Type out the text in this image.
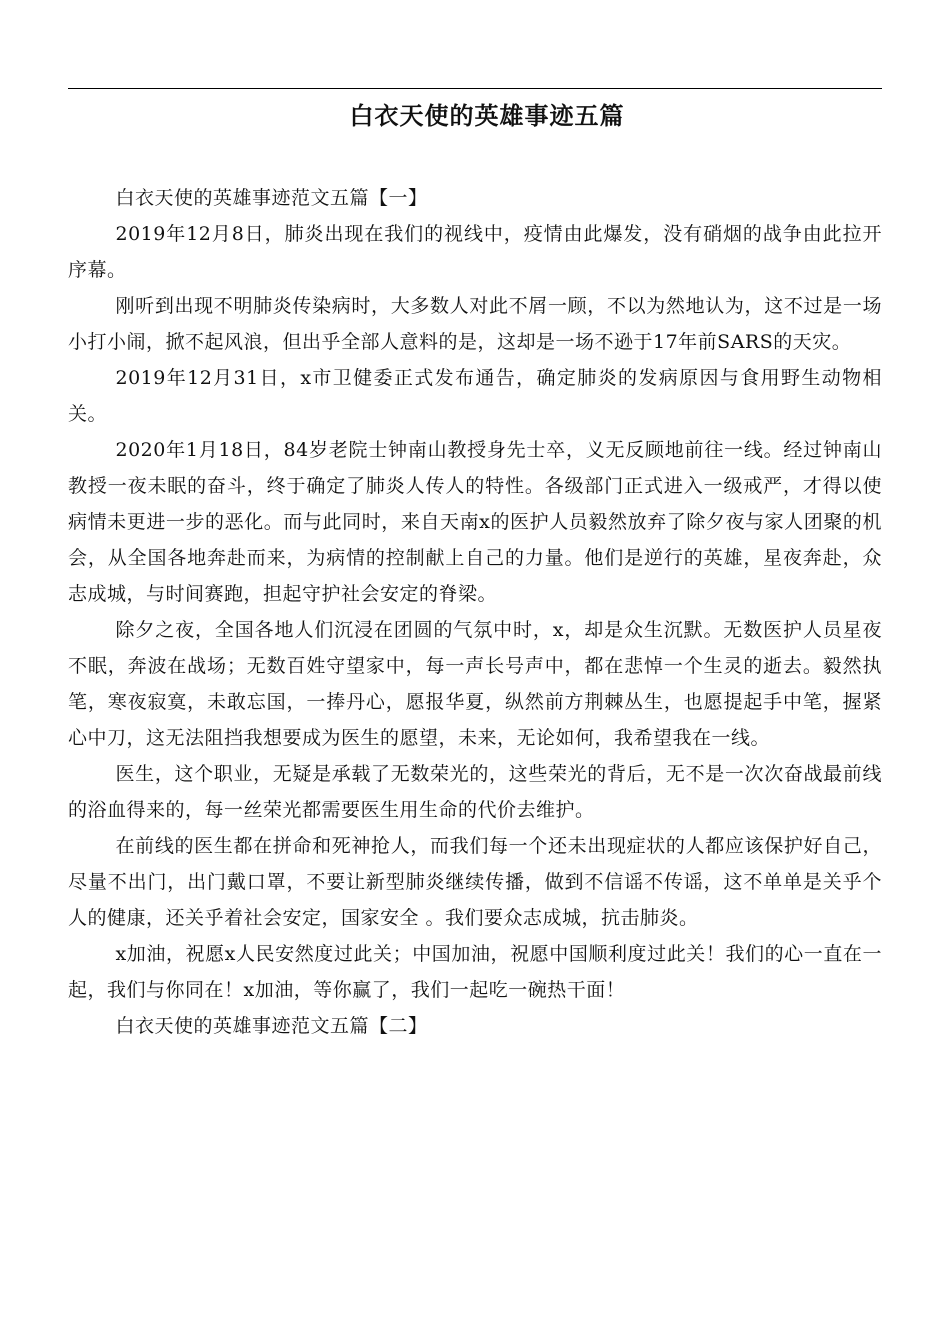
白衣天使的英雄事迹五篇

白衣天使的英雄事迹范文五篇【一】

2019年12月8日，肺炎出现在我们的视线中，疫情由此爆发，没有硝烟的战争由此拉开序幕。

刚听到出现不明肺炎传染病时，大多数人对此不屑一顾，不以为然地认为，这不过是一场小打小闹，掀不起风浪，但出乎全部人意料的是，这却是一场不逊于17年前SARS的天灾。

2019年12月31日，x市卫健委正式发布通告，确定肺炎的发病原因与食用野生动物相关。

2020年1月18日，84岁老院士钟南山教授身先士卒，义无反顾地前往一线。经过钟南山教授一夜未眠的奋斗，终于确定了肺炎人传人的特性。各级部门正式进入一级戒严，才得以使病情未更进一步的恶化。而与此同时，来自天南x的医护人员毅然放弃了除夕夜与家人团聚的机会，从全国各地奔赴而来，为病情的控制献上自己的力量。他们是逆行的英雄，星夜奔赴，众志成城，与时间赛跑，担起守护社会安定的脊梁。

除夕之夜，全国各地人们沉浸在团圆的气氛中时，x，却是众生沉默。无数医护人员星夜不眠，奔波在战场；无数百姓守望家中，每一声长号声中，都在悲悼一个生灵的逝去。毅然执笔，寒夜寂寞，未敢忘国，一捧丹心，愿报华夏，纵然前方荆棘丛生，也愿提起手中笔，握紧心中刀，这无法阻挡我想要成为医生的愿望，未来，无论如何，我希望我在一线。

医生，这个职业，无疑是承载了无数荣光的，这些荣光的背后，无不是一次次奋战最前线的浴血得来的，每一丝荣光都需要医生用生命的代价去维护。

在前线的医生都在拼命和死神抢人，而我们每一个还未出现症状的人都应该保护好自己，尽量不出门，出门戴口罩，不要让新型肺炎继续传播，做到不信谣不传谣，这不单单是关乎个人的健康，还关乎着社会安定，国家安全 。我们要众志成城，抗击肺炎。

x加油，祝愿x人民安然度过此关；中国加油，祝愿中国顺利度过此关！我们的心一直在一起，我们与你同在！x加油，等你赢了，我们一起吃一碗热干面！

白衣天使的英雄事迹范文五篇【二】
